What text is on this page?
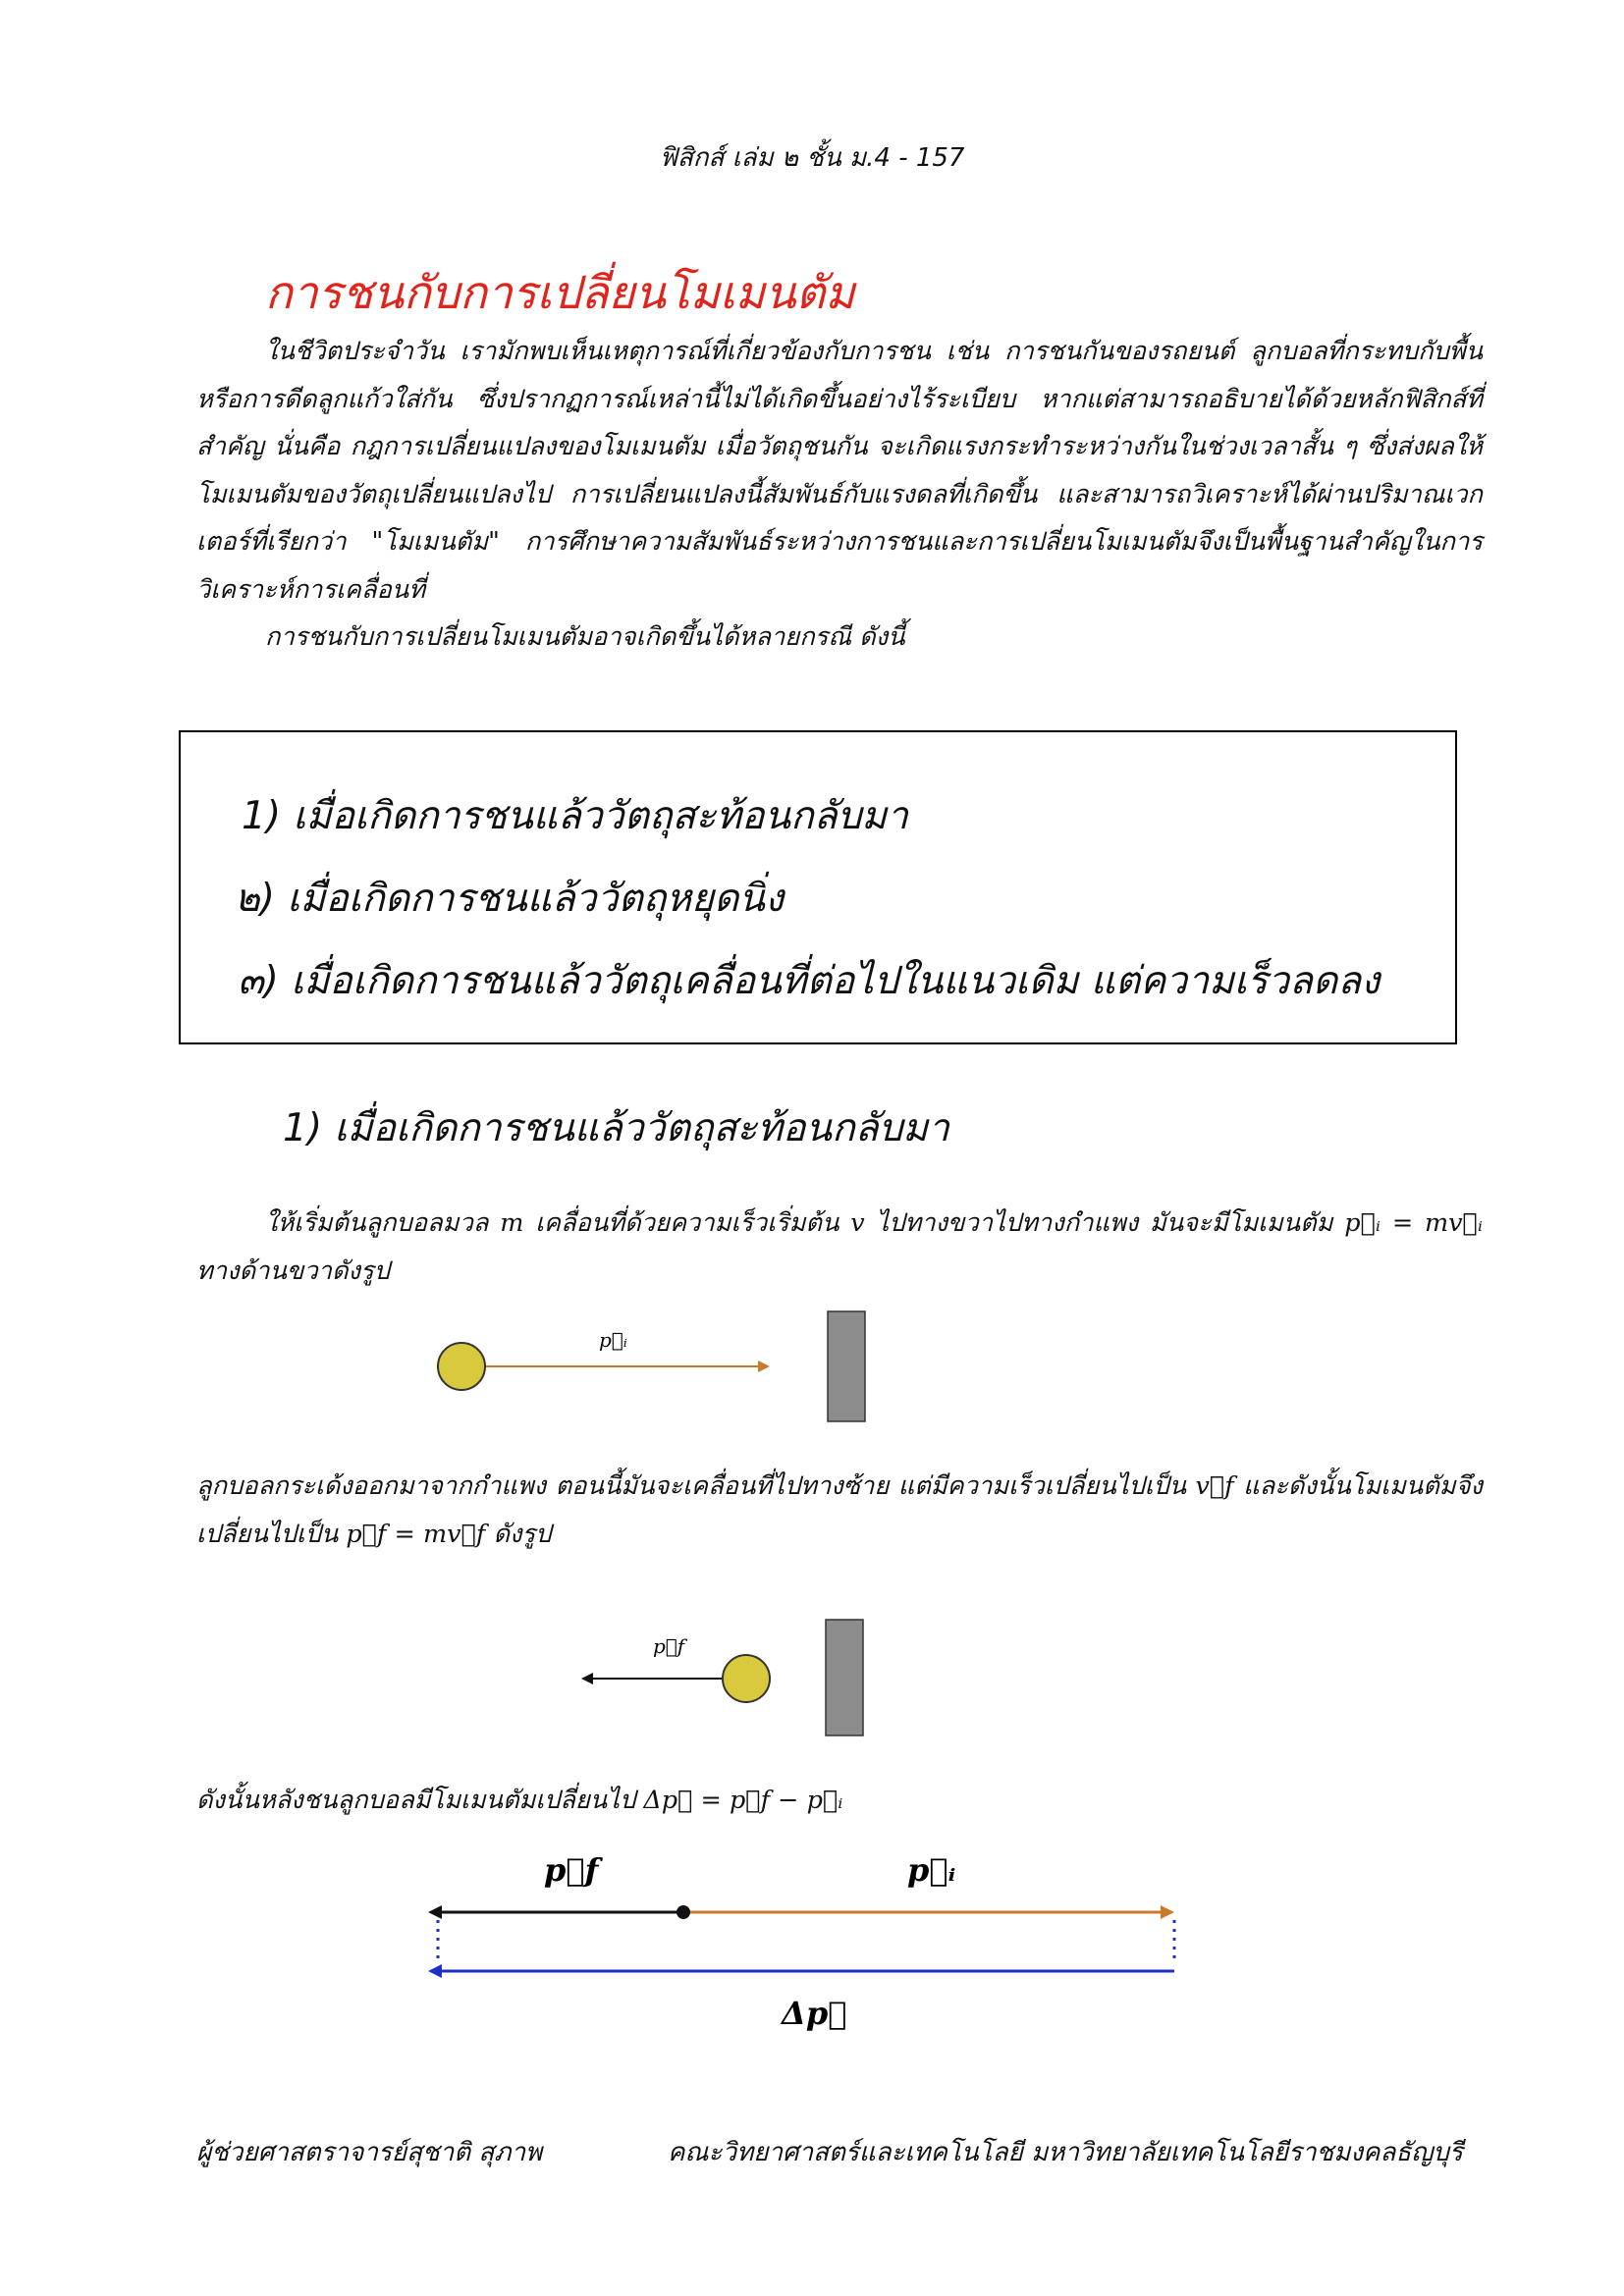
ฟิสิกส์ เล่ม ๒ ชั้น ม.4 - 157
การชนกับการเปลี่ยนโมเมนตัม

ในชีวิตประจำวัน เรามักพบเห็นเหตุการณ์ที่เกี่ยวข้องกับการชน เช่น การชนกันของรถยนต์ ลูกบอลที่กระทบกับพื้น หรือการดีดลูกแก้วใส่กัน ซึ่งปรากฏการณ์เหล่านี้ไม่ได้เกิดขึ้นอย่างไร้ระเบียบ หากแต่สามารถอธิบายได้ด้วยหลักฟิสิกส์ที่สำคัญ นั่นคือ กฎการเปลี่ยนแปลงของโมเมนตัม เมื่อวัตถุชนกัน จะเกิดแรงกระทำระหว่างกันในช่วงเวลาสั้น ๆ ซึ่งส่งผลให้โมเมนตัมของวัตถุเปลี่ยนแปลงไป การเปลี่ยนแปลงนี้สัมพันธ์กับแรงดลที่เกิดขึ้น และสามารถวิเคราะห์ได้ผ่านปริมาณเวกเตอร์ที่เรียกว่า "โมเมนตัม" การศึกษาความสัมพันธ์ระหว่างการชนและการเปลี่ยนโมเมนตัมจึงเป็นพื้นฐานสำคัญในการวิเคราะห์การเคลื่อนที่

การชนกับการเปลี่ยนโมเมนตัมอาจเกิดขึ้นได้หลายกรณี ดังนี้

1) เมื่อเกิดการชนแล้ววัตถุสะท้อนกลับมา
๒) เมื่อเกิดการชนแล้ววัตถุหยุดนิ่ง
๓) เมื่อเกิดการชนแล้ววัตถุเคลื่อนที่ต่อไปในแนวเดิม แต่ความเร็วลดลง
1) เมื่อเกิดการชนแล้ววัตถุสะท้อนกลับมา

ให้เริ่มต้นลูกบอลมวล m เคลื่อนที่ด้วยความเร็วเริ่มต้น v ไปทางขวาไปทางกำแพง มันจะมีโมเมนตัม p⃗ᵢ = mv⃗ᵢ ทางด้านขวาดังรูป

p⃗ᵢ

ลูกบอลกระเด้งออกมาจากกำแพง ตอนนี้มันจะเคลื่อนที่ไปทางซ้าย แต่มีความเร็วเปลี่ยนไปเป็น v⃗f และดังนั้นโมเมนตัมจึงเปลี่ยนไปเป็น p⃗f = mv⃗f ดังรูป

p⃗f

ดังนั้นหลังชนลูกบอลมีโมเมนตัมเปลี่ยนไป Δp⃗ = p⃗f − p⃗ᵢ

p⃗f	p⃗ᵢ
Δp⃗
ผู้ช่วยศาสตราจารย์สุชาติ สุภาพ	คณะวิทยาศาสตร์และเทคโนโลยี มหาวิทยาลัยเทคโนโลยีราชมงคลธัญบุรี
